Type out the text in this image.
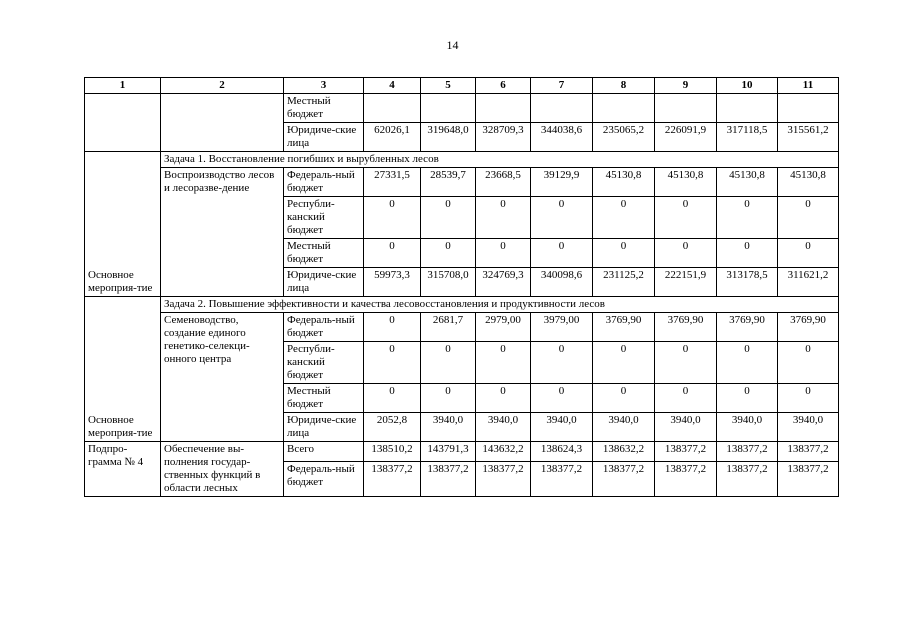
14
1	2	3	4	5	6	7	8	9	10	11
		Местный бюджет								
		Юридиче-ские лица	62026,1	319648,0	328709,3	344038,6	235065,2	226091,9	317118,5	315561,2
Основное мероприя-тие	Задача 1. Восстановление погибших и вырубленных лесов									
	Воспроизводство лесов и лесоразве-дение	Федераль-ный бюджет	27331,5	28539,7	23668,5	39129,9	45130,8	45130,8	45130,8	45130,8
		Республи-канский бюджет	0	0	0	0	0	0	0	0
		Местный бюджет	0	0	0	0	0	0	0	0
		Юридиче-ские лица	59973,3	315708,0	324769,3	340098,6	231125,2	222151,9	313178,5	311621,2
Основное мероприя-тие	Задача 2. Повышение эффективности и качества лесовосстановления и продуктивности лесов									
	Семеноводство, создание единого генетико-селекци-онного центра	Федераль-ный бюджет	0	2681,7	2979,00	3979,00	3769,90	3769,90	3769,90	3769,90
		Республи-канский бюджет	0	0	0	0	0	0	0	0
		Местный бюджет	0	0	0	0	0	0	0	0
		Юридиче-ские лица	2052,8	3940,0	3940,0	3940,0	3940,0	3940,0	3940,0	3940,0
Подпро-грамма № 4	Обеспечение вы-полнения государ-ственных функций в области лесных	Всего	138510,2	143791,3	143632,2	138624,3	138632,2	138377,2	138377,2	138377,2
		Федераль-ный бюджет	138377,2	138377,2	138377,2	138377,2	138377,2	138377,2	138377,2	138377,2
